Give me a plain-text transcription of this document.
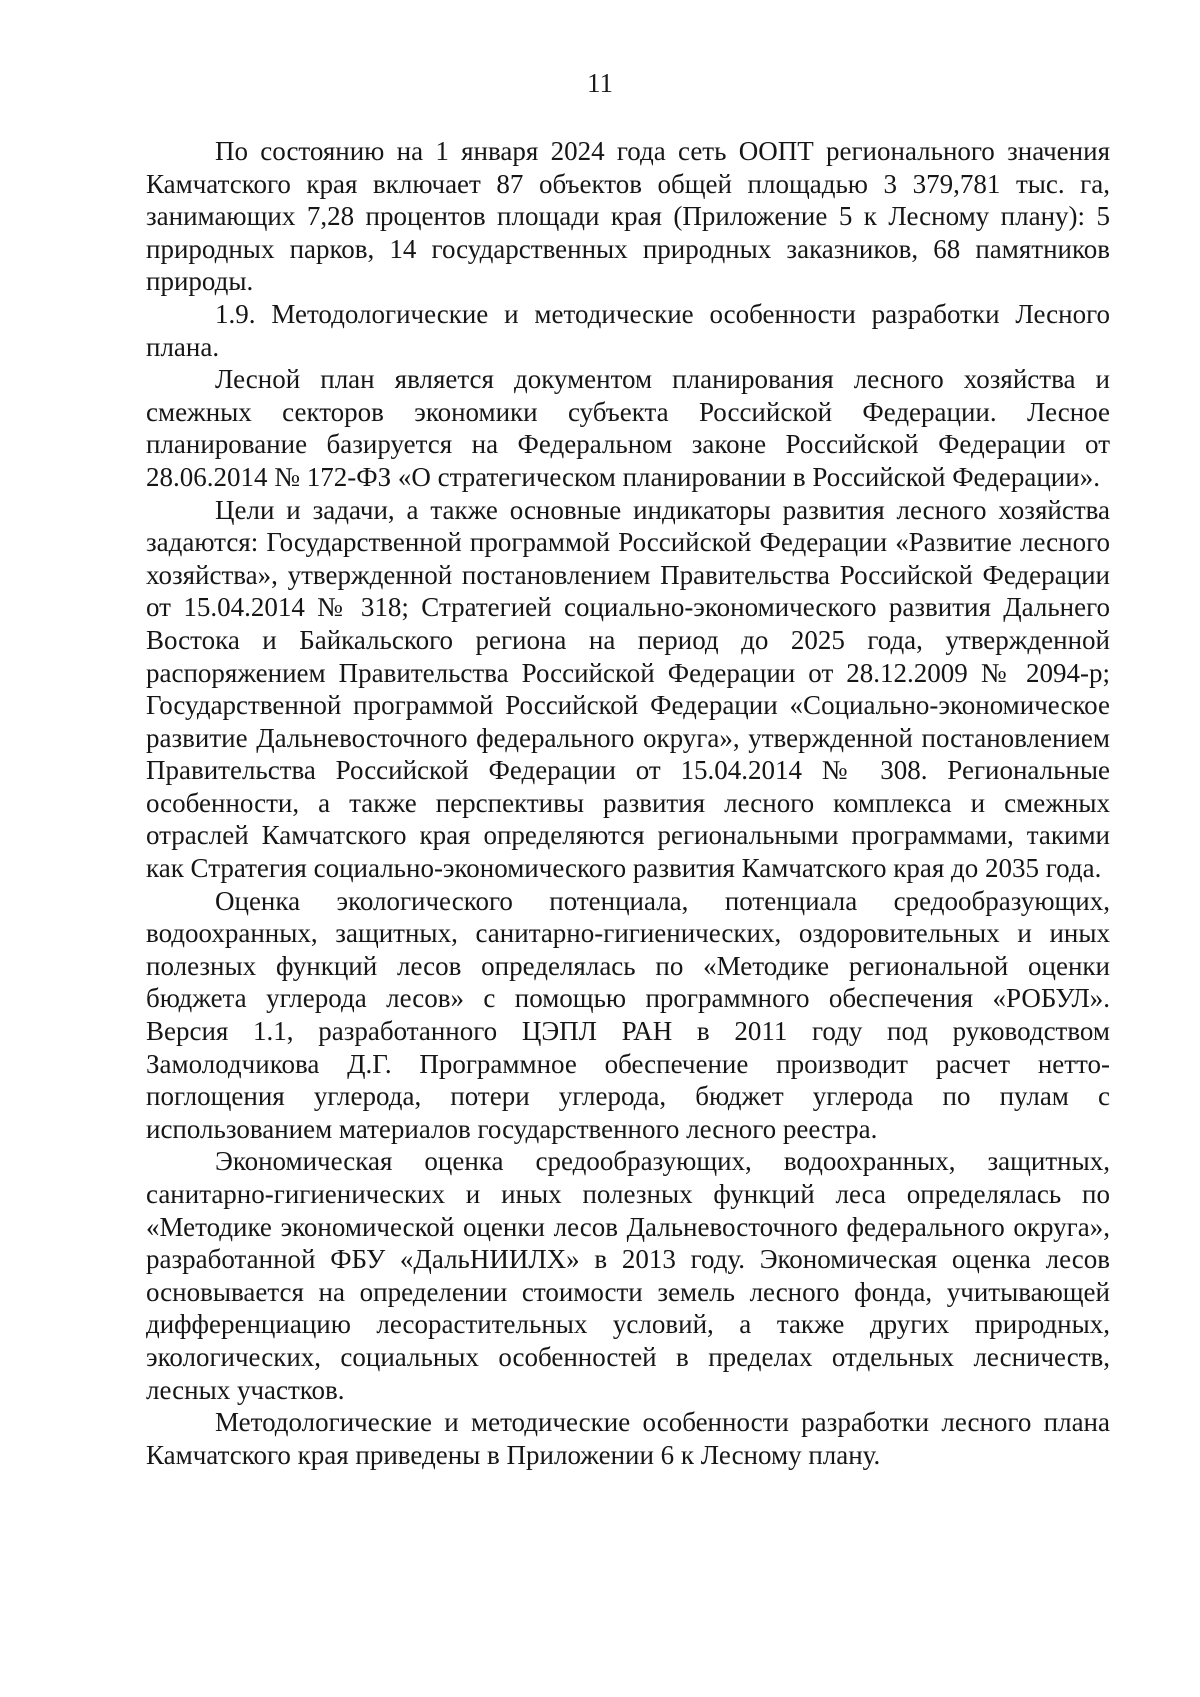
11

По состоянию на 1 января 2024 года сеть ООПТ регионального значения Камчатского края включает 87 объектов общей площадью 3 379,781 тыс. га, занимающих 7,28 процентов площади края (Приложение 5 к Лесному плану): 5 природных парков, 14 государственных природных заказников, 68 памятников природы.

1.9. Методологические и методические особенности разработки Лесного плана.

Лесной план является документом планирования лесного хозяйства и смежных секторов экономики субъекта Российской Федерации. Лесное планирование базируется на Федеральном законе Российской Федерации от 28.06.2014 № 172-ФЗ «О стратегическом планировании в Российской Федерации».

Цели и задачи, а также основные индикаторы развития лесного хозяйства задаются: Государственной программой Российской Федерации «Развитие лесного хозяйства», утвержденной постановлением Правительства Российской Федерации от 15.04.2014 № 318; Стратегией социально-экономического развития Дальнего Востока и Байкальского региона на период до 2025 года, утвержденной распоряжением Правительства Российской Федерации от 28.12.2009 № 2094-р; Государственной программой Российской Федерации «Социально-экономическое развитие Дальневосточного федерального округа», утвержденной постановлением Правительства Российской Федерации от 15.04.2014 № 308. Региональные особенности, а также перспективы развития лесного комплекса и смежных отраслей Камчатского края определяются региональными программами, такими как Стратегия социально-экономического развития Камчатского края до 2035 года.

Оценка экологического потенциала, потенциала средообразующих, водоохранных, защитных, санитарно-гигиенических, оздоровительных и иных полезных функций лесов определялась по «Методике региональной оценки бюджета углерода лесов» с помощью программного обеспечения «РОБУЛ». Версия 1.1, разработанного ЦЭПЛ РАН в 2011 году под руководством Замолодчикова Д.Г. Программное обеспечение производит расчет нетто-поглощения углерода, потери углерода, бюджет углерода по пулам с использованием материалов государственного лесного реестра.

Экономическая оценка средообразующих, водоохранных, защитных, санитарно-гигиенических и иных полезных функций леса определялась по «Методике экономической оценки лесов Дальневосточного федерального округа», разработанной ФБУ «ДальНИИЛХ» в 2013 году. Экономическая оценка лесов основывается на определении стоимости земель лесного фонда, учитывающей дифференциацию лесорастительных условий, а также других природных, экологических, социальных особенностей в пределах отдельных лесничеств, лесных участков.

Методологические и методические особенности разработки лесного плана Камчатского края приведены в Приложении 6 к Лесному плану.
